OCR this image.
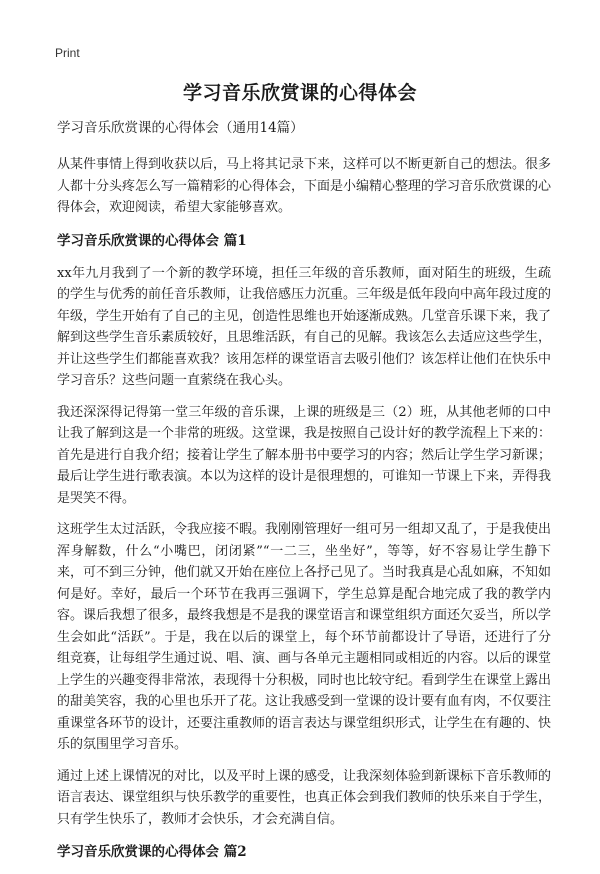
Print
学习音乐欣赏课的心得体会
学习音乐欣赏课的心得体会（通用14篇）
从某件事情上得到收获以后，马上将其记录下来，这样可以不断更新自己的想法。很多人都十分头疼怎么写一篇精彩的心得体会，下面是小编精心整理的学习音乐欣赏课的心得体会，欢迎阅读，希望大家能够喜欢。
学习音乐欣赏课的心得体会 篇1
xx年九月我到了一个新的教学环境，担任三年级的音乐教师，面对陌生的班级，生疏的学生与优秀的前任音乐教师，让我倍感压力沉重。三年级是低年段向中高年段过度的年级，学生开始有了自己的主见，创造性思维也开始逐渐成熟。几堂音乐课下来，我了解到这些学生音乐素质较好，且思维活跃，有自己的见解。我该怎么去适应这些学生，并让这些学生们都能喜欢我？该用怎样的课堂语言去吸引他们？该怎样让他们在快乐中学习音乐？这些问题一直萦绕在我心头。
我还深深得记得第一堂三年级的音乐课，上课的班级是三（2）班，从其他老师的口中让我了解到这是一个非常的班级。这堂课，我是按照自己设计好的教学流程上下来的：首先是进行自我介绍；接着让学生了解本册书中要学习的内容；然后让学生学习新课；最后让学生进行歌表演。本以为这样的设计是很理想的，可谁知一节课上下来，弄得我是哭笑不得。
这班学生太过活跃，令我应接不暇。我刚刚管理好一组可另一组却又乱了，于是我使出浑身解数，什么“小嘴巴，闭闭紧”“一二三，坐坐好”，等等，好不容易让学生静下来，可不到三分钟，他们就又开始在座位上各抒己见了。当时我真是心乱如麻，不知如何是好。幸好，最后一个环节在我再三强调下，学生总算是配合地完成了我的教学内容。课后我想了很多，最终我想是不是我的课堂语言和课堂组织方面还欠妥当，所以学生会如此“活跃”。于是，我在以后的课堂上，每个环节前都设计了导语，还进行了分组竞赛，让每组学生通过说、唱、演、画与各单元主题相同或相近的内容。以后的课堂上学生的兴趣变得非常浓，表现得十分积极，同时也比较守纪。看到学生在课堂上露出的甜美笑容，我的心里也乐开了花。这让我感受到一堂课的设计要有血有肉，不仅要注重课堂各环节的设计，还要注重教师的语言表达与课堂组织形式，让学生在有趣的、快乐的氛围里学习音乐。
通过上述上课情况的对比，以及平时上课的感受，让我深刻体验到新课标下音乐教师的语言表达、课堂组织与快乐教学的重要性，也真正体会到我们教师的快乐来自于学生，只有学生快乐了，教师才会快乐，才会充满自信。
学习音乐欣赏课的心得体会 篇2
